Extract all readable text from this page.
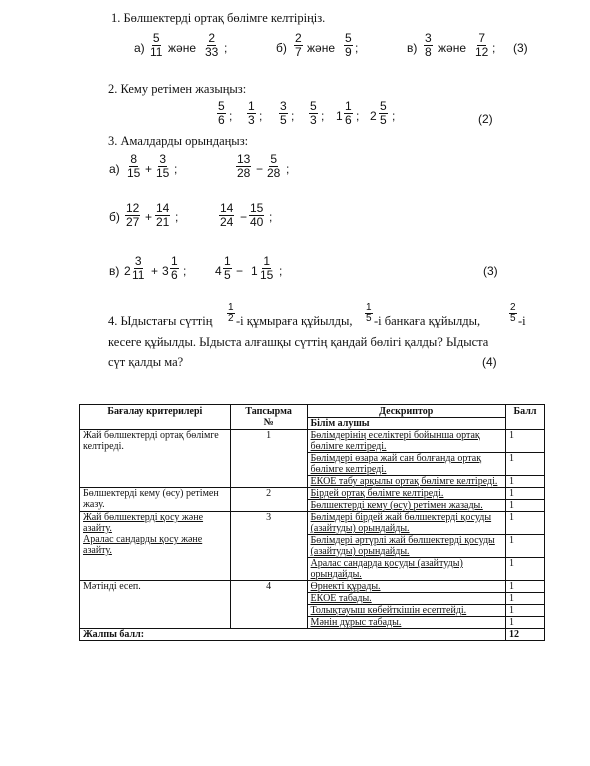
1. Бөлшектерді ортақ бөлімге келтіріңіз.
$а) \frac{5}{11}$ және $\frac{2}{33}$ ;	$б) \frac{2}{7}$ және $\frac{5}{9}$ ;	$в) \frac{3}{8}$ және $\frac{7}{12}$ ; (3)
2. Кему ретімен жазыңыз:
$\frac{5}{6}$ ; $\frac{1}{3}$ ; $\frac{3}{5}$ ; $\frac{5}{3}$ ; $1 \frac{1}{6}$ ; $2 \frac{5}{5}$ ;	(2)
3. Амалдарды орындаңыз:
$а) \frac{8}{15} + \frac{3}{15}$ ;	$\frac{13}{28} - \frac{5}{28}$ ;
$б) \frac{12}{27} + \frac{14}{21}$ ;	$\frac{14}{24} - \frac{15}{40}$ ;
в) $2 \frac{3}{11} + 3 \frac{1}{6}$ ; $4 \frac{1}{5} - 1 \frac{1}{15}$ ;	(3)
4. Ыдыстағы сүттің $\frac{1}{2} -і$ құмыраға құйылды, $\frac{1}{5} -і$ банкаға құйылды,	$\frac{2}{5} -і$
кесеге құйылды. Ыдыста алғашқы сүттің қандай бөлігі қалды? Ыдыста
сүт қалды ма?	(4)
Бағалау критерилері	Тапсырма
№	Дескриптор	Балл
		Білім алушы	
Жай бөлшектерді ортақ бөлімге келтіреді.	1	Бөлімдерінің еселіктері бойынша ортақ бөлімге келтіреді.	1
		Бөлімдері өзара жай сан болғанда ортақ бөлімге келтіреді.	1
		ЕКОЕ табу арқылы ортақ бөлімге келтіреді.	1
Бөлшектерді кему (өсу) ретімен жазу.	2	Бірдей ортақ бөлімге келтіреді.	1
		Бөлшектерді кему (өсу) ретімен жазады.	1
Жай бөлшектерді қосу және азайту.
Аралас сандарды қосу және азайту.	3	Бөлімдері бірдей жай бөлшектерді қосуды (азайтуды) орындайды.	1
		Бөлімдері әртүрлі жай бөлшектерді қосуды (азайтуды) орындайды.	1
		Аралас сандарда қосуды (азайтуды) орындайды.	1
Мәтінді есеп.	4	Өрнекті құрады.	1
		ЕКОЕ табады.	1
		Толықтауыш көбейткішін есептейді.	1
		Мәнін дұрыс табады.	1
Жалпы балл:			12
